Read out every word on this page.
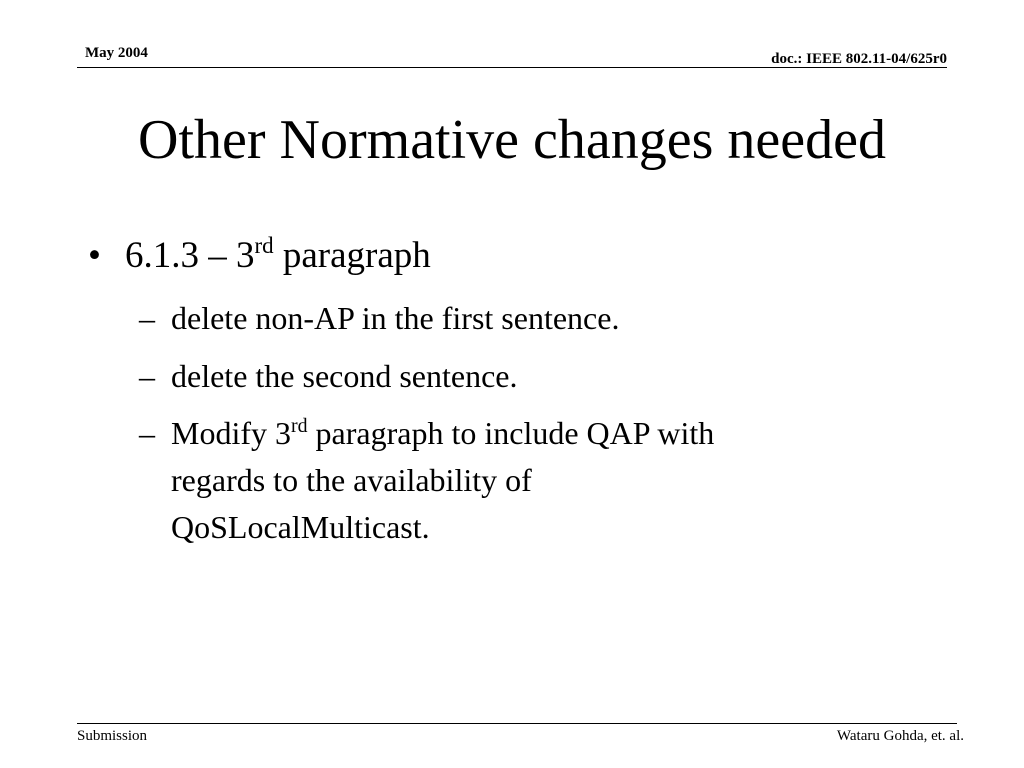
May 2004	doc.: IEEE 802.11-04/625r0
Other Normative changes needed
• 6.1.3 – 3rd paragraph
– delete non-AP in the first sentence.
– delete the second sentence.
– Modify 3rd paragraph to include QAP with
regards to the availability of
QoSLocalMulticast.
Submission	Wataru Gohda, et. al.
